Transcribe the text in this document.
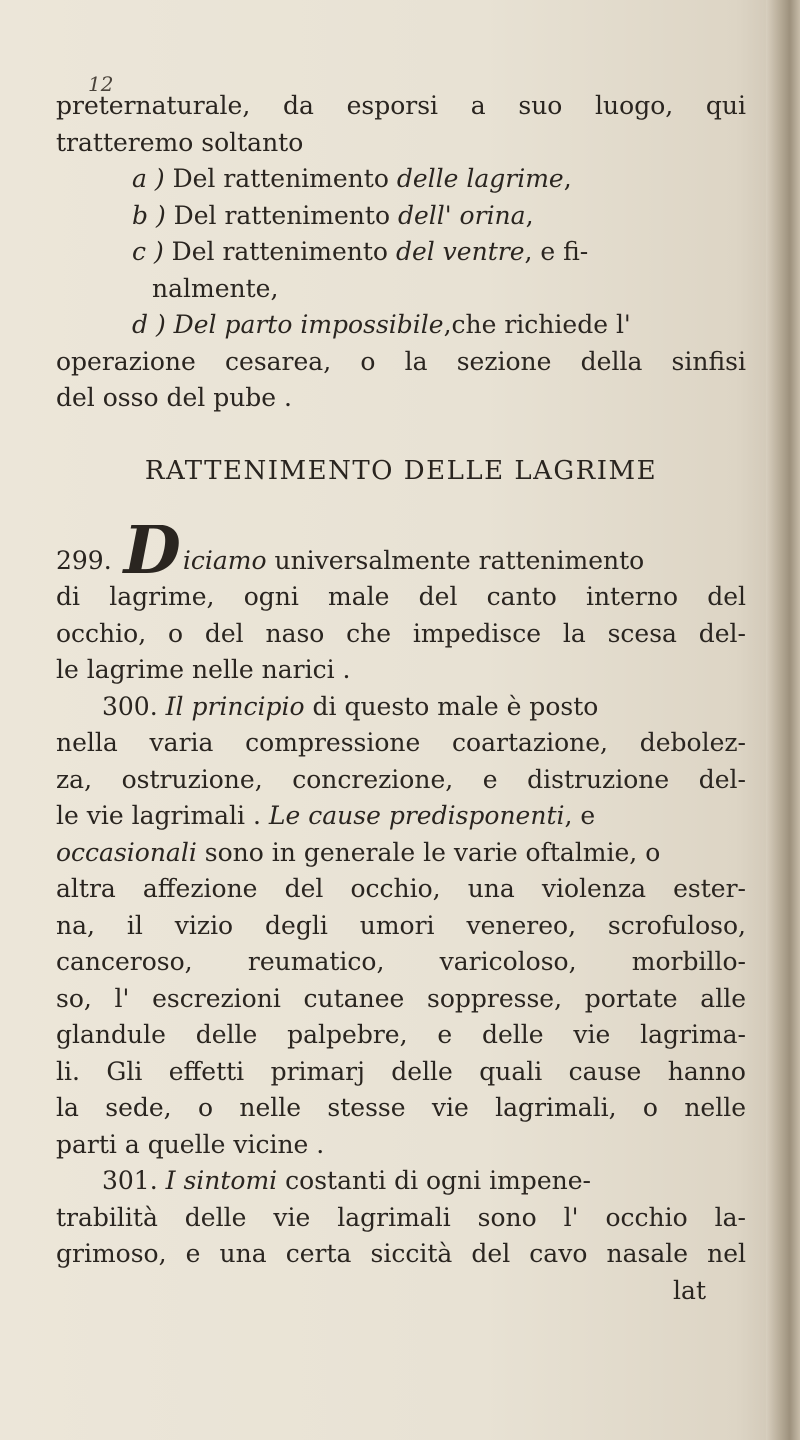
12

preternaturale, da esporsi a suo luogo, qui

tratteremo soltanto

a ) Del rattenimento delle lagrime,

b ) Del rattenimento dell' orina,

c ) Del rattenimento del ventre, e fi-

nalmente,

d ) Del parto impossibile,che richiede l'

operazione cesarea, o la sezione della sinfisi

del osso del pube .

RATTENIMENTO DELLE LAGRIME

299. Diciamo universalmente rattenimento

di lagrime, ogni male del canto interno del

occhio, o del naso che impedisce la scesa del-

le lagrime nelle narici .

300. Il principio di questo male è posto

nella varia compressione coartazione, debolez-

za, ostruzione, concrezione, e distruzione del-

le vie lagrimali . Le cause predisponenti, e

occasionali sono in generale le varie oftalmie, o

altra affezione del occhio, una violenza ester-

na, il vizio degli umori venereo, scrofuloso,

canceroso, reumatico, varicoloso, morbillo-

so, l' escrezioni cutanee soppresse, portate alle

glandule delle palpebre, e delle vie lagrima-

li. Gli effetti primarj delle quali cause hanno

la sede, o nelle stesse vie lagrimali, o nelle

parti a quelle vicine .

301. I sintomi costanti di ogni impene-

trabilità delle vie lagrimali sono l' occhio la-

grimoso, e una certa siccità del cavo nasale nel

lat
